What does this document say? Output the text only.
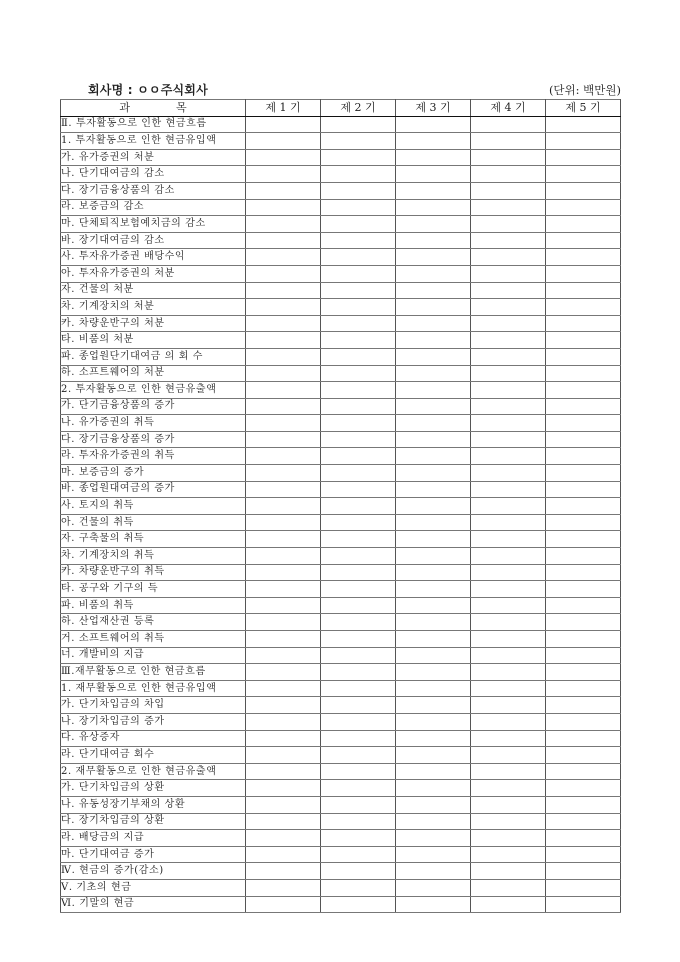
회사명 : ㅇㅇ주식회사	(단위: 백만원)
과 목	제 1 기	제 2 기	제 3 기	제 4 기	제 5 기
Ⅱ. 투자활동으로 인한 현금흐름					
1. 투자활동으로 인한 현금유입액					
가. 유가증권의 처분					
나. 단기대여금의 감소					
다. 장기금융상품의 감소					
라. 보증금의 감소					
마. 단체퇴직보험예치금의 감소					
바. 장기대여금의 감소					
사. 투자유가증권 배당수익					
아. 투자유가증권의 처분					
자. 건물의 처분					
차. 기계장치의 처분					
카. 차량운반구의 처분					
타. 비품의 처분					
파. 종업원단기대여금 의 회 수					
하. 소프트웨어의 처분					
2. 투자활동으로 인한 현금유출액					
가. 단기금융상품의 증가					
나. 유가증권의 취득					
다. 장기금융상품의 증가					
라. 투자유가증권의 취득					
마. 보증금의 증가					
바. 종업원대여금의 증가					
사. 토지의 취득					
아. 건물의 취득					
자. 구축물의 취득					
차. 기계장치의 취득					
카. 차량운반구의 취득					
타. 공구와 기구의 득					
파. 비품의 취득					
하. 산업재산권 등록					
거. 소프트웨어의 취득					
너. 개발비의 지급					
Ⅲ.재무활동으로 인한 현금흐름					
1. 재무활동으로 인한 현금유입액					
가. 단기차입금의 차입					
나. 장기차입금의 증가					
다. 유상증자					
라. 단기대여금 회수					
2. 재무활동으로 인한 현금유출액					
가. 단기차입금의 상환					
나. 유동성장기부채의 상환					
다. 장기차입금의 상환					
라. 배당금의 지급					
마. 단기대여금 증가					
Ⅳ. 현금의 증가(감소)					
Ⅴ. 기초의 현금					
Ⅵ. 기말의 현금					
